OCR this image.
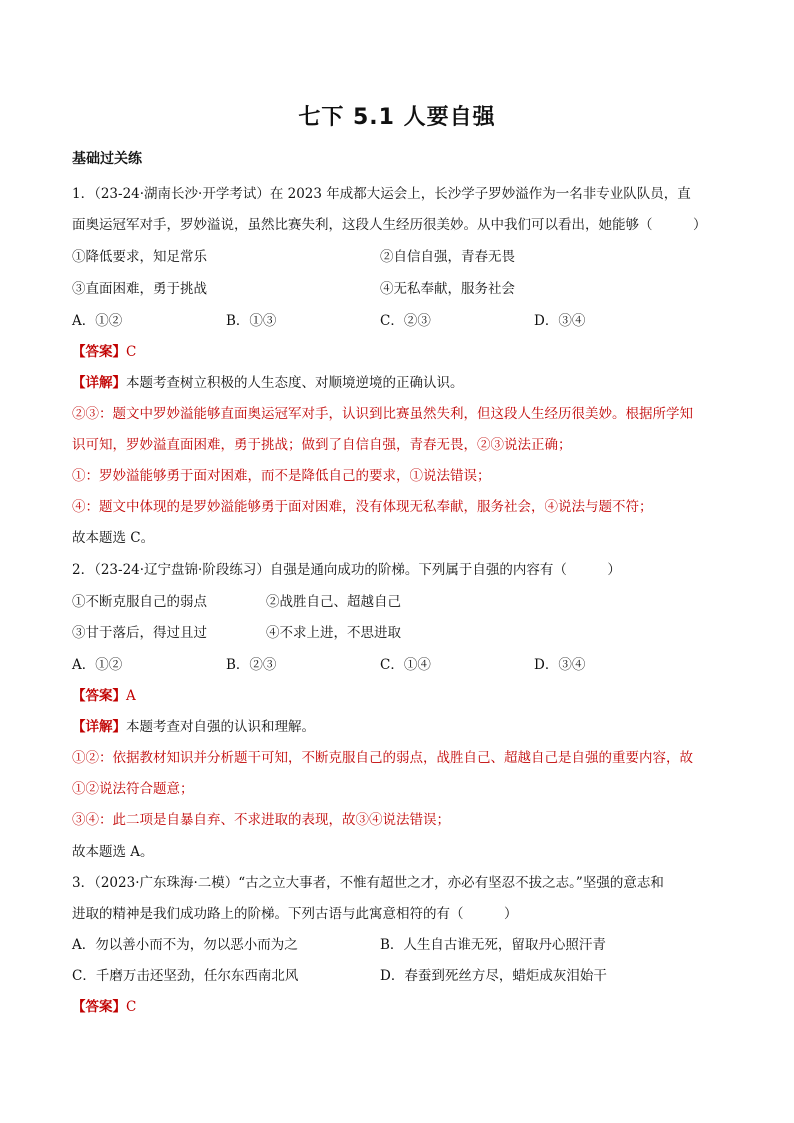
七下 5.1 人要自强
基础过关练
1．（23-24·湖南长沙·开学考试）在 2023 年成都大运会上，长沙学子罗妙溢作为一名非专业队队员，直
面奥运冠军对手，罗妙溢说，虽然比赛失利，这段人生经历很美妙。从中我们可以看出，她能够（　　　）
①降低要求，知足常乐	②自信自强，青春无畏
③直面困难，勇于挑战	④无私奉献，服务社会
A．①②	B．①③	C．②③	D．③④
【答案】C
【详解】本题考查树立积极的人生态度、对顺境逆境的正确认识。
②③：题文中罗妙溢能够直面奥运冠军对手，认识到比赛虽然失利，但这段人生经历很美妙。根据所学知
识可知，罗妙溢直面困难，勇于挑战；做到了自信自强，青春无畏，②③说法正确；
①：罗妙溢能够勇于面对困难，而不是降低自己的要求，①说法错误；
④：题文中体现的是罗妙溢能够勇于面对困难，没有体现无私奉献，服务社会，④说法与题不符；
故本题选 C。
2．（23-24·辽宁盘锦·阶段练习）自强是通向成功的阶梯。下列属于自强的内容有（　　　）
①不断克服自己的弱点	②战胜自己、超越自己
③甘于落后，得过且过	④不求上进，不思进取
A．①②	B．②③	C．①④	D．③④
【答案】A
【详解】本题考查对自强的认识和理解。
①②：依据教材知识并分析题干可知，不断克服自己的弱点，战胜自己、超越自己是自强的重要内容，故
①②说法符合题意；
③④：此二项是自暴自弃、不求进取的表现，故③④说法错误；
故本题选 A。
3．（2023·广东珠海·二模）“古之立大事者，不惟有超世之才，亦必有坚忍不拔之志。”坚强的意志和
进取的精神是我们成功路上的阶梯。下列古语与此寓意相符的有（　　　）
A．勿以善小而不为，勿以恶小而为之	B．人生自古谁无死，留取丹心照汗青
C．千磨万击还坚劲，任尔东西南北风	D．春蚕到死丝方尽，蜡炬成灰泪始干
【答案】C
